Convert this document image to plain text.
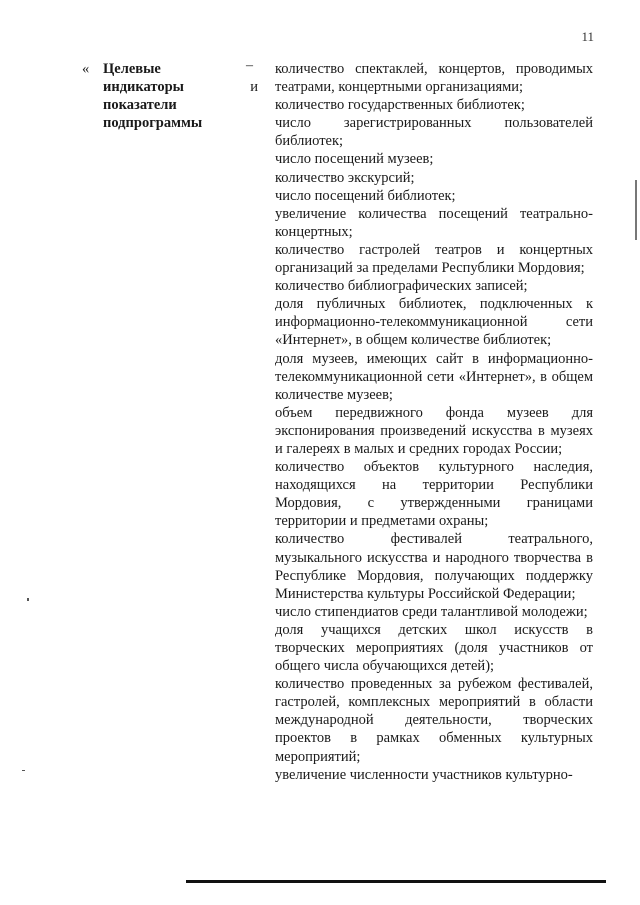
11
« Целевые
индикаторы	и
показатели
подпрограммы
– количество спектаклей, концертов, проводимых театрами, концертными организациями;
количество государственных библиотек;
число зарегистрированных пользователей библиотек;
число посещений музеев;
количество экскурсий;
число посещений библиотек;
увеличение количества посещений театрально-концертных;
количество гастролей театров и концертных организаций за пределами Республики Мордовия;
количество библиографических записей;
доля публичных библиотек, подключенных к информационно-телекоммуникационной сети «Интернет», в общем количестве библиотек;
доля музеев, имеющих сайт в информационно-телекоммуникационной сети «Интернет», в общем количестве музеев;
объем передвижного фонда музеев для экспонирования произведений искусства в музеях и галереях в малых и средних городах России;
количество объектов культурного наследия, находящихся на территории Республики Мордовия, с утвержденными границами территории и предметами охраны;
количество фестивалей театрального, музыкального искусства и народного творчества в Республике Мордовия, получающих поддержку Министерства культуры Российской Федерации;
число стипендиатов среди талантливой молодежи;
доля учащихся детских школ искусств в творческих мероприятиях (доля участников от общего числа обучающихся детей);
количество проведенных за рубежом фестивалей, гастролей, комплексных мероприятий в области международной деятельности, творческих проектов в рамках обменных культурных мероприятий;
увеличение численности участников культурно-
